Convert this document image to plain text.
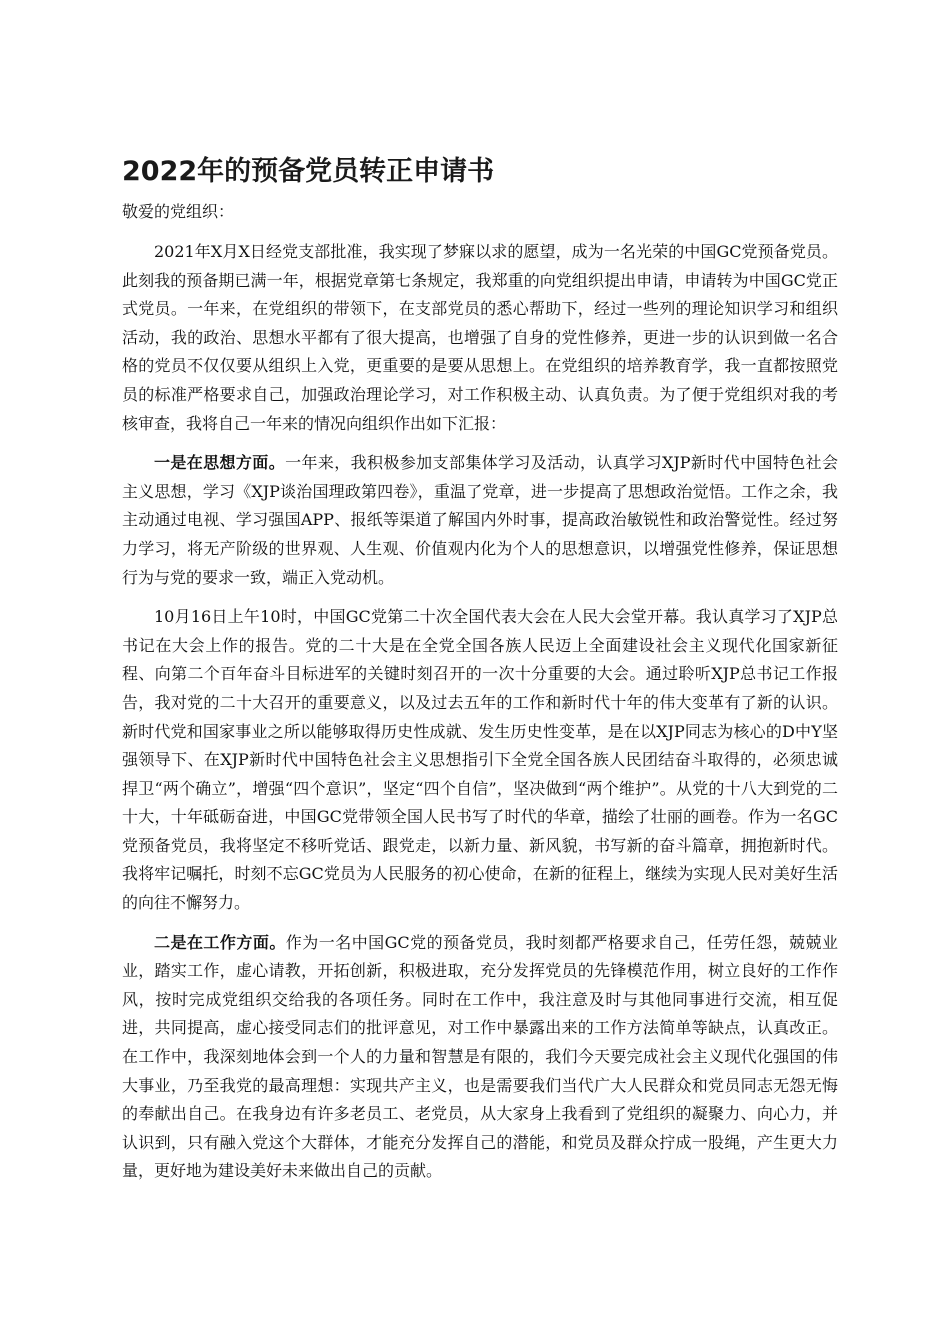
2022年的预备党员转正申请书

敬爱的党组织：

2021年X月X日经党支部批准，我实现了梦寐以求的愿望，成为一名光荣的中国GC党预备党员。此刻我的预备期已满一年，根据党章第七条规定，我郑重的向党组织提出申请，申请转为中国GC党正式党员。一年来，在党组织的带领下，在支部党员的悉心帮助下，经过一些列的理论知识学习和组织活动，我的政治、思想水平都有了很大提高，也增强了自身的党性修养，更进一步的认识到做一名合格的党员不仅仅要从组织上入党，更重要的是要从思想上。在党组织的培养教育学，我一直都按照党员的标准严格要求自己，加强政治理论学习，对工作积极主动、认真负责。为了便于党组织对我的考核审查，我将自己一年来的情况向组织作出如下汇报：

一是在思想方面。一年来，我积极参加支部集体学习及活动，认真学习XJP新时代中国特色社会主义思想，学习《XJP谈治国理政第四卷》，重温了党章，进一步提高了思想政治觉悟。工作之余，我主动通过电视、学习强国APP、报纸等渠道了解国内外时事，提高政治敏锐性和政治警觉性。经过努力学习，将无产阶级的世界观、人生观、价值观内化为个人的思想意识，以增强党性修养，保证思想行为与党的要求一致，端正入党动机。

10月16日上午10时，中国GC党第二十次全国代表大会在人民大会堂开幕。我认真学习了XJP总书记在大会上作的报告。党的二十大是在全党全国各族人民迈上全面建设社会主义现代化国家新征程、向第二个百年奋斗目标进军的关键时刻召开的一次十分重要的大会。通过聆听XJP总书记工作报告，我对党的二十大召开的重要意义，以及过去五年的工作和新时代十年的伟大变革有了新的认识。新时代党和国家事业之所以能够取得历史性成就、发生历史性变革，是在以XJP同志为核心的D中Y坚强领导下、在XJP新时代中国特色社会主义思想指引下全党全国各族人民团结奋斗取得的，必须忠诚捍卫“两个确立”，增强“四个意识”，坚定“四个自信”，坚决做到“两个维护”。从党的十八大到党的二十大，十年砥砺奋进，中国GC党带领全国人民书写了时代的华章，描绘了壮丽的画卷。作为一名GC党预备党员，我将坚定不移听党话、跟党走，以新力量、新风貌，书写新的奋斗篇章，拥抱新时代。我将牢记嘱托，时刻不忘GC党员为人民服务的初心使命，在新的征程上，继续为实现人民对美好生活的向往不懈努力。

二是在工作方面。作为一名中国GC党的预备党员，我时刻都严格要求自己，任劳任怨，兢兢业业，踏实工作，虚心请教，开拓创新，积极进取，充分发挥党员的先锋模范作用，树立良好的工作作风，按时完成党组织交给我的各项任务。同时在工作中，我注意及时与其他同事进行交流，相互促进，共同提高，虚心接受同志们的批评意见，对工作中暴露出来的工作方法简单等缺点，认真改正。在工作中，我深刻地体会到一个人的力量和智慧是有限的，我们今天要完成社会主义现代化强国的伟大事业，乃至我党的最高理想：实现共产主义，也是需要我们当代广大人民群众和党员同志无怨无悔的奉献出自己。在我身边有许多老员工、老党员，从大家身上我看到了党组织的凝聚力、向心力，并认识到，只有融入党这个大群体，才能充分发挥自己的潜能，和党员及群众拧成一股绳，产生更大力量，更好地为建设美好未来做出自己的贡献。
